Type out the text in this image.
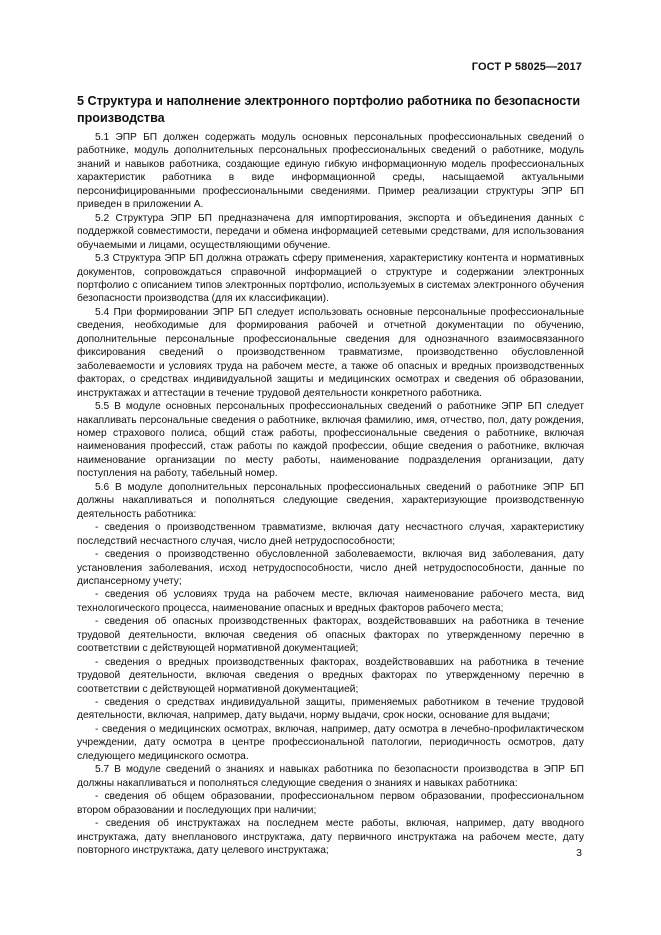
ГОСТ Р 58025—2017
5 Структура и наполнение электронного портфолио работника по безопасности производства

5.1 ЭПР БП должен содержать модуль основных персональных профессиональных сведений о работнике, модуль дополнительных персональных профессиональных сведений о работнике, модуль знаний и навыков работника, создающие единую гибкую информационную модель профессиональных характеристик работника в виде информационной среды, насыщаемой актуальными персонифицированными профессиональными сведениями. Пример реализации структуры ЭПР БП приведен в приложении А.

5.2 Структура ЭПР БП предназначена для импортирования, экспорта и объединения данных с поддержкой совместимости, передачи и обмена информацией сетевыми средствами, для использования обучаемыми и лицами, осуществляющими обучение.

5.3 Структура ЭПР БП должна отражать сферу применения, характеристику контента и нормативных документов, сопровождаться справочной информацией о структуре и содержании электронных портфолио с описанием типов электронных портфолио, используемых в системах электронного обучения безопасности производства (для их классификации).

5.4 При формировании ЭПР БП следует использовать основные персональные профессиональные сведения, необходимые для формирования рабочей и отчетной документации по обучению, дополнительные персональные профессиональные сведения для однозначного взаимосвязанного фиксирования сведений о производственном травматизме, производственно обусловленной заболеваемости и условиях труда на рабочем месте, а также об опасных и вредных производственных факторах, о средствах индивидуальной защиты и медицинских осмотрах и сведения об образовании, инструктажах и аттестации в течение трудовой деятельности конкретного работника.

5.5 В модуле основных персональных профессиональных сведений о работнике ЭПР БП следует накапливать персональные сведения о работнике, включая фамилию, имя, отчество, пол, дату рождения, номер страхового полиса, общий стаж работы, профессиональные сведения о работнике, включая наименования профессий, стаж работы по каждой профессии, общие сведения о работнике, включая наименование организации по месту работы, наименование подразделения организации, дату поступления на работу, табельный номер.

5.6 В модуле дополнительных персональных профессиональных сведений о работнике ЭПР БП должны накапливаться и пополняться следующие сведения, характеризующие производственную деятельность работника:

- сведения о производственном травматизме, включая дату несчастного случая, характеристику последствий несчастного случая, число дней нетрудоспособности;

- сведения о производственно обусловленной заболеваемости, включая вид заболевания, дату установления заболевания, исход нетрудоспособности, число дней нетрудоспособности, данные по диспансерному учету;

- сведения об условиях труда на рабочем месте, включая наименование рабочего места, вид технологического процесса, наименование опасных и вредных факторов рабочего места;

- сведения об опасных производственных факторах, воздействовавших на работника в течение трудовой деятельности, включая сведения об опасных факторах по утвержденному перечню в соответствии с действующей нормативной документацией;

- сведения о вредных производственных факторах, воздействовавших на работника в течение трудовой деятельности, включая сведения о вредных факторах по утвержденному перечню в соответствии с действующей нормативной документацией;

- сведения о средствах индивидуальной защиты, применяемых работником в течение трудовой деятельности, включая, например, дату выдачи, норму выдачи, срок носки, основание для выдачи;

- сведения о медицинских осмотрах, включая, например, дату осмотра в лечебно-профилактическом учреждении, дату осмотра в центре профессиональной патологии, периодичность осмотров, дату следующего медицинского осмотра.

5.7 В модуле сведений о знаниях и навыках работника по безопасности производства в ЭПР БП должны накапливаться и пополняться следующие сведения о знаниях и навыках работника:

- сведения об общем образовании, профессиональном первом образовании, профессиональном втором образовании и последующих при наличии;

- сведения об инструктажах на последнем месте работы, включая, например, дату вводного инструктажа, дату внепланового инструктажа, дату первичного инструктажа на рабочем месте, дату повторного инструктажа, дату целевого инструктажа;	3
